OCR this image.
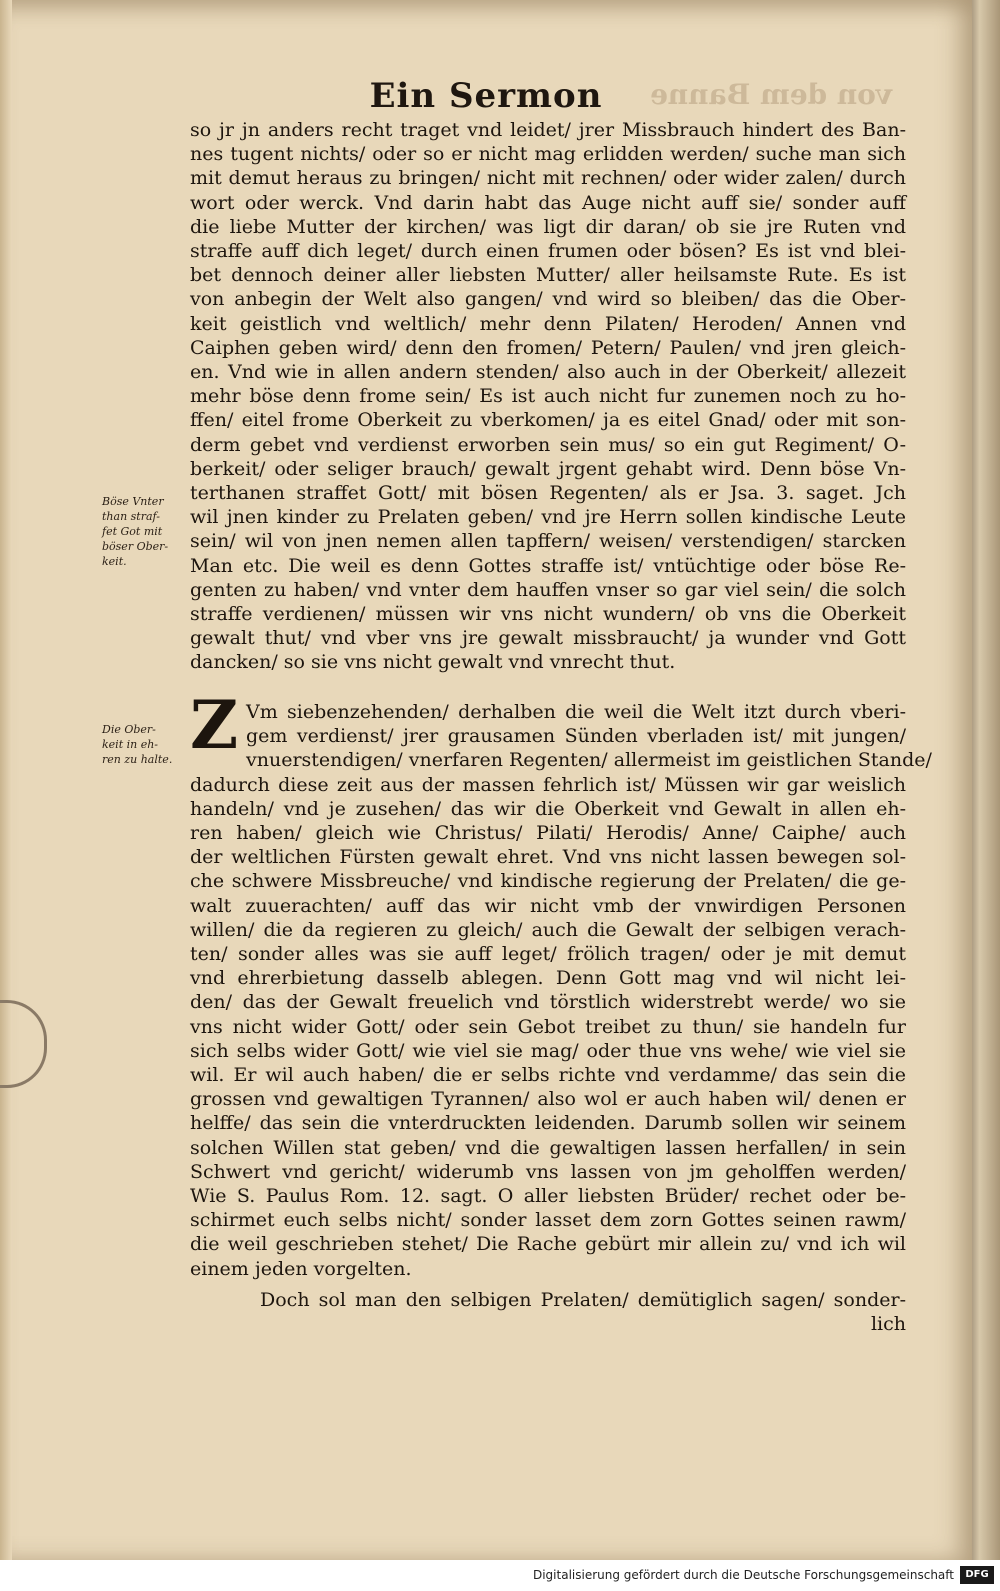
von dem Banne
Ein Sermon
so jr jn anders recht traget vnd leidet/ jrer Missbrauch hindert des Ban-
nes tugent nichts/ oder so er nicht mag erlidden werden/ suche man sich
mit demut heraus zu bringen/ nicht mit rechnen/ oder wider zalen/ durch
wort oder werck. Vnd darin habt das Auge nicht auff sie/ sonder auff
die liebe Mutter der kirchen/ was ligt dir daran/ ob sie jre Ruten vnd
straffe auff dich leget/ durch einen frumen oder bösen? Es ist vnd blei-
bet dennoch deiner aller liebsten Mutter/ aller heilsamste Rute. Es ist
von anbegin der Welt also gangen/ vnd wird so bleiben/ das die Ober-
keit geistlich vnd weltlich/ mehr denn Pilaten/ Heroden/ Annen vnd
Caiphen geben wird/ denn den fromen/ Petern/ Paulen/ vnd jren gleich-
en. Vnd wie in allen andern stenden/ also auch in der Oberkeit/ allezeit
mehr böse denn frome sein/ Es ist auch nicht fur zunemen noch zu ho-
ffen/ eitel frome Oberkeit zu vberkomen/ ja es eitel Gnad/ oder mit son-
derm gebet vnd verdienst erworben sein mus/ so ein gut Regiment/ O-
berkeit/ oder seliger brauch/ gewalt jrgent gehabt wird. Denn böse Vn-
terthanen straffet Gott/ mit bösen Regenten/ als er Jsa. 3. saget. Jch
wil jnen kinder zu Prelaten geben/ vnd jre Herrn sollen kindische Leute
sein/ wil von jnen nemen allen tapffern/ weisen/ verstendigen/ starcken
Man etc. Die weil es denn Gottes straffe ist/ vntüchtige oder böse Re-
genten zu haben/ vnd vnter dem hauffen vnser so gar viel sein/ die solch
straffe verdienen/ müssen wir vns nicht wundern/ ob vns die Oberkeit
gewalt thut/ vnd vber vns jre gewalt missbraucht/ ja wunder vnd Gott
dancken/ so sie vns nicht gewalt vnd vnrecht thut.
Böse Vnter
than straf-
fet Got mit
böser Ober-
keit.
Z Vm siebenzehenden/ derhalben die weil die Welt itzt durch vberi-
gem verdienst/ jrer grausamen Sünden vberladen ist/ mit jungen/
vnuerstendigen/ vnerfaren Regenten/ allermeist im geistlichen Stande/
dadurch diese zeit aus der massen fehrlich ist/ Müssen wir gar weislich
handeln/ vnd je zusehen/ das wir die Oberkeit vnd Gewalt in allen eh-
ren haben/ gleich wie Christus/ Pilati/ Herodis/ Anne/ Caiphe/ auch
der weltlichen Fürsten gewalt ehret. Vnd vns nicht lassen bewegen sol-
che schwere Missbreuche/ vnd kindische regierung der Prelaten/ die ge-
walt zuuerachten/ auff das wir nicht vmb der vnwirdigen Personen
willen/ die da regieren zu gleich/ auch die Gewalt der selbigen verach-
ten/ sonder alles was sie auff leget/ frölich tragen/ oder je mit demut
vnd ehrerbietung dasselb ablegen. Denn Gott mag vnd wil nicht lei-
den/ das der Gewalt freuelich vnd törstlich widerstrebt werde/ wo sie
vns nicht wider Gott/ oder sein Gebot treibet zu thun/ sie handeln fur
sich selbs wider Gott/ wie viel sie mag/ oder thue vns wehe/ wie viel sie
wil. Er wil auch haben/ die er selbs richte vnd verdamme/ das sein die
grossen vnd gewaltigen Tyrannen/ also wol er auch haben wil/ denen er
helffe/ das sein die vnterdruckten leidenden. Darumb sollen wir seinem
solchen Willen stat geben/ vnd die gewaltigen lassen herfallen/ in sein
Schwert vnd gericht/ widerumb vns lassen von jm geholffen werden/
Wie S. Paulus Rom. 12. sagt. O aller liebsten Brüder/ rechet oder be-
schirmet euch selbs nicht/ sonder lasset dem zorn Gottes seinen rawm/
die weil geschrieben stehet/ Die Rache gebürt mir allein zu/ vnd ich wil
einem jeden vorgelten.
Die Ober-
keit in eh-
ren zu halte.
Doch sol man den selbigen Prelaten/ demütiglich sagen/ sonder-
lich
Digitalisierung gefördert durch die Deutsche Forschungsgemeinschaft	DFG
